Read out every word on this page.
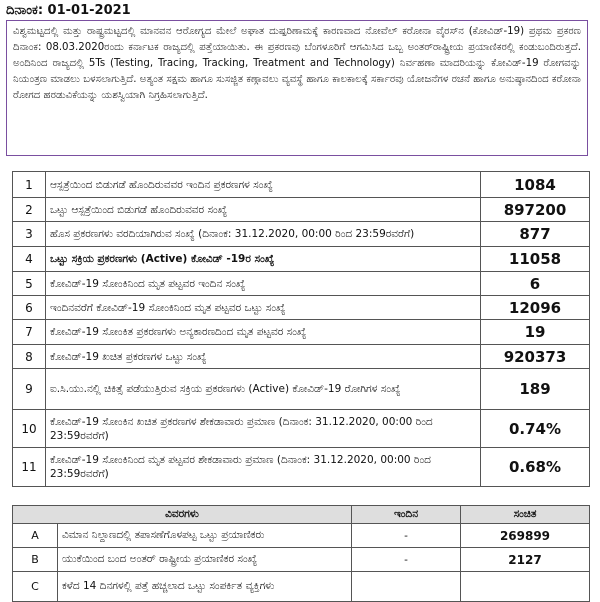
ದಿನಾಂಕ: 01-01-2021
ವಿಶ್ವಮಟ್ಟದಲ್ಲಿ ಮತ್ತು ರಾಷ್ಟ್ರಮಟ್ಟದಲ್ಲಿ ಮಾನವನ ಆರೋಗ್ಯದ ಮೇಲೆ ಅಘಾತ ದುಷ್ಪರಿಣಾಮಕ್ಕೆ ಕಾರಣವಾದ ನೋವೆಲ್ ಕರೋನಾ ವೈರಸ್‌ನ (ಕೋವಿಡ್-19) ಪ್ರಥಮ ಪ್ರಕರಣ ದಿನಾಂಕ: 08.03.2020ರಂದು ಕರ್ನಾಟಕ ರಾಜ್ಯದಲ್ಲಿ ಪತ್ತೆಯಾಯಿತು. ಈ ಪ್ರಕರಣವು ಬೆಂಗಳೂರಿಗೆ ಆಗಮಿಸಿದ ಒಬ್ಬ ಅಂತರ್‌ರಾಷ್ಟ್ರೀಯ ಪ್ರಯಾಣಿಕರಲ್ಲಿ ಕಂಡುಬಂದಿರುತ್ತದೆ. ಅಂದಿನಿಂದ ರಾಜ್ಯದಲ್ಲಿ 5Ts (Testing, Tracing, Tracking, Treatment and Technology) ನಿರ್ವಹಣಾ ಮಾದರಿಯನ್ನು ಕೋವಿಡ್-19 ರೋಗವನ್ನು ನಿಯಂತ್ರಣ ಮಾಡಲು ಬಳಸಲಾಗುತ್ತಿದೆ. ಅತ್ಯಂತ ಸಕ್ಷಮ ಹಾಗೂ ಸುಸಜ್ಜಿತ ಕಣ್ಗಾವಲು ವ್ಯವಸ್ಥೆ ಹಾಗೂ ಕಾಲಕಾಲಕ್ಕೆ ಸರ್ಕಾರವು ಯೋಜನೆಗಳ ರಚನೆ ಹಾಗೂ ಅನುಷ್ಠಾನದಿಂದ ಕರೋನಾ ರೋಗದ ಹರಡುವಿಕೆಯನ್ನು ಯಶಸ್ವಿಯಾಗಿ ನಿಗ್ರಹಿಸಲಾಗುತ್ತಿದೆ.
1	ಆಸ್ಪತ್ರೆಯಿಂದ ಬಿಡುಗಡೆ ಹೊಂದಿರುವವರ ಇಂದಿನ ಪ್ರಕರಣಗಳ ಸಂಖ್ಯೆ	1084
2	ಒಟ್ಟು ಆಸ್ಪತ್ರೆಯಿಂದ ಬಿಡುಗಡೆ ಹೊಂದಿರುವವರ ಸಂಖ್ಯೆ	897200
3	ಹೊಸ ಪ್ರಕರಣಗಳು ವರದಿಯಾಗಿರುವ ಸಂಖ್ಯೆ (ದಿನಾಂಕ: 31.12.2020, 00:00 ರಿಂದ 23:59ರವರೆಗೆ)	877
4	ಒಟ್ಟು ಸಕ್ರಿಯ ಪ್ರಕರಣಗಳು (Active) ಕೋವಿಡ್ -19ರ ಸಂಖ್ಯೆ	11058
5	ಕೋವಿಡ್-19 ಸೋಂಕಿನಿಂದ ಮೃತ ಪಟ್ಟವರ ಇಂದಿನ ಸಂಖ್ಯೆ	6
6	ಇಂದಿನವರೆಗೆ ಕೋವಿಡ್-19 ಸೋಂಕಿನಿಂದ ಮೃತ ಪಟ್ಟವರ ಒಟ್ಟು ಸಂಖ್ಯೆ	12096
7	ಕೋವಿಡ್-19 ಸೋಂಕಿತ ಪ್ರಕರಣಗಳು ಅನ್ಯಕಾರಣದಿಂದ ಮೃತ ಪಟ್ಟವರ ಸಂಖ್ಯೆ	19
8	ಕೋವಿಡ್-19 ಖಚಿತ ಪ್ರಕರಣಗಳ ಒಟ್ಟು ಸಂಖ್ಯೆ	920373
9	ಐ.ಸಿ.ಯು.ನಲ್ಲಿ ಚಿಕಿತ್ಸೆ ಪಡೆಯುತ್ತಿರುವ ಸಕ್ರಿಯ ಪ್ರಕರಣಗಳು (Active) ಕೋವಿಡ್-19 ರೋಗಿಗಳ ಸಂಖ್ಯೆ	189
10	ಕೋವಿಡ್-19 ಸೋಂಕಿನ ಖಚಿತ ಪ್ರಕರಣಗಳ ಶೇಕಡಾವಾರು ಪ್ರಮಾಣ (ದಿನಾಂಕ: 31.12.2020, 00:00 ರಿಂದ 23:59ರವರೆಗೆ)	0.74%
11	ಕೋವಿಡ್-19 ಸೋಂಕಿನಿಂದ ಮೃತ ಪಟ್ಟವರ ಶೇಕಡಾವಾರು ಪ್ರಮಾಣ (ದಿನಾಂಕ: 31.12.2020, 00:00 ರಿಂದ 23:59ರವರೆಗೆ)	0.68%
ವಿವರಗಳು		ಇಂದಿನ	ಸಂಚಿತ
A	ವಿಮಾನ ನಿಲ್ದಾಣದಲ್ಲಿ ತಪಾಸಣೆಗೊಳಪಟ್ಟ ಒಟ್ಟು ಪ್ರಯಾಣಿಕರು	-	269899
B	ಯುಕೆಯಿಂದ ಬಂದ ಅಂತರ್‌ ರಾಷ್ಟ್ರೀಯ ಪ್ರಯಾಣಿಕರ ಸಂಖ್ಯೆ	-	2127
C	ಕಳೆದ 14 ದಿನಗಳಲ್ಲಿ ಪತ್ತೆ ಹಚ್ಚಲಾದ ಒಟ್ಟು ಸಂಪರ್ಕಿತ ವ್ಯಕ್ತಿಗಳು		
